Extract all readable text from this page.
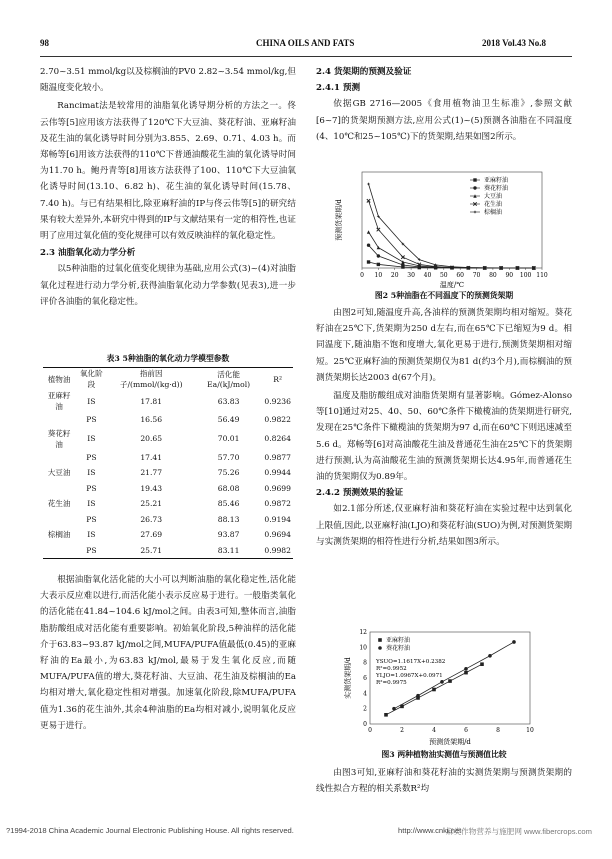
98	CHINA OILS AND FATS	2018 Vol.43 No.8

2.70~3.51 mmol/kg以及棕榈油的PV0 2.82~3.54 mmol/kg,但随温度变化较小。

Rancimat法是较常用的油脂氧化诱导期分析的方法之一。佟云伟等[5]应用该方法获得了120℃下大豆油、葵花籽油、亚麻籽油及花生油的氧化诱导时间分别为3.855、2.69、0.71、4.03 h。而郑畅等[6]用该方法获得的110℃下普通油酸花生油的氧化诱导时间为11.70 h。鲍丹青等[8]用该方法获得了100、110℃下大豆油氧化诱导时间(13.10、6.82 h)、花生油的氧化诱导时间(15.78、7.40 h)。与已有结果相比,除亚麻籽油的IP与佟云伟等[5]的研究结果有较大差异外,本研究中得到的IP与文献结果有一定的相符性,也证明了应用过氧化值的变化规律可以有效反映油样的氧化稳定性。

2.3 油脂氧化动力学分析

以5种油脂的过氧化值变化规律为基础,应用公式(3)~(4)对油脂氧化过程进行动力学分析,获得油脂氧化动力学参数(见表3),进一步评价各油脂的氧化稳定性。

表3 5种油脂的氧化动力学模型参数
植物油	氧化阶段	指前因子/(mmol/(kg·d))	活化能Ea/(kJ/mol)	R²

亚麻籽油	IS	17.81	63.83	0.9236
	PS	16.56	56.49	0.9822
葵花籽油	IS	20.65	70.01	0.8264
	PS	17.41	57.70	0.9877
大豆油	IS	21.77	75.26	0.9944
	PS	19.43	68.08	0.9699
花生油	IS	25.21	85.46	0.9872
	PS	26.73	88.13	0.9194
棕榈油	IS	27.69	93.87	0.9694
	PS	25.71	83.11	0.9982

根据油脂氧化活化能的大小可以判断油脂的氧化稳定性,活化能大表示反应难以进行,而活化能小表示反应易于进行。一般脂类氧化的活化能在41.84~104.6 kJ/mol之间。由表3可知,整体而言,油脂脂肪酸组成对活化能有重要影响。初始氧化阶段,5种油样的活化能介于63.83~93.87 kJ/mol之间,MUFA/PUFA值最低(0.45)的亚麻籽油的Ea最小,为63.83 kJ/mol,最易于发生氧化反应,而随MUFA/PUFA值的增大,葵花籽油、大豆油、花生油及棕榈油的Ea均相对增大,氧化稳定性相对增强。加速氧化阶段,除MUFA/PUFA值为1.36的花生油外,其余4种油脂的Ea均相对减小,说明氧化反应更易于进行。

2.4 货架期的预测及验证

2.4.1 预测

依据GB 2716—2005《食用植物油卫生标准》,参照文献[6~7]的货架期预测方法,应用公式(1)~(5)预测各油脂在不同温度(4、10℃和25~105℃)下的货架期,结果如图2所示。

0 10 20 30 40 50 60 70 80 90 100 110
预测货架期/d
温度/℃
亚麻籽油
葵花籽油
大豆油
花生油
棕榈油
图2 5种油脂在不同温度下的预测货架期

由图2可知,随温度升高,各油样的预测货架期均相对缩短。葵花籽油在25℃下,货架期为250 d左右,而在65℃下已缩短为9 d。相同温度下,随油脂不饱和度增大,氧化更易于进行,预测货架期相对缩短。25℃亚麻籽油的预测货架期仅为81 d(约3个月),而棕榈油的预测货架期长达2003 d(67个月)。

温度及脂肪酸组成对油脂货架期有显著影响。Gómez-Alonso等[10]通过对25、40、50、60℃条件下橄榄油的货架期进行研究,发现在25℃条件下橄榄油的货架期为97 d,而在60℃下则迅速减至5.6 d。郑畅等[6]对高油酸花生油及普通花生油在25℃下的货架期进行预测,认为高油酸花生油的预测货架期长达4.95年,而普通花生油的货架期仅为0.89年。

2.4.2 预测效果的验证

如2.1部分所述,仅亚麻籽油和葵花籽油在实验过程中达到氧化上限值,因此,以亚麻籽油(LJO)和葵花籽油(SUO)为例,对预测货架期与实测货架期的相符性进行分析,结果如图3所示。

0	2	4	6	8	10
0
2
4
6
8
10
12
实测货架期/d
预测货架期/d
亚麻籽油
葵花籽油
YSUO=1.1617X+0.2382
R²=0.9952
YLJO=1.0967X+0.0971
R²=0.9975
图3 两种植物油实测值与预测值比较

由图3可知,亚麻籽油和葵花籽油的实测货架期与预测货架期的线性拟合方程的相关系数R²均

?1994-2018 China Academic Journal Electronic Publishing House. All rights reserved.	http://www.cnki.net
麻类作物营养与施肥网 www.fibercrops.com
